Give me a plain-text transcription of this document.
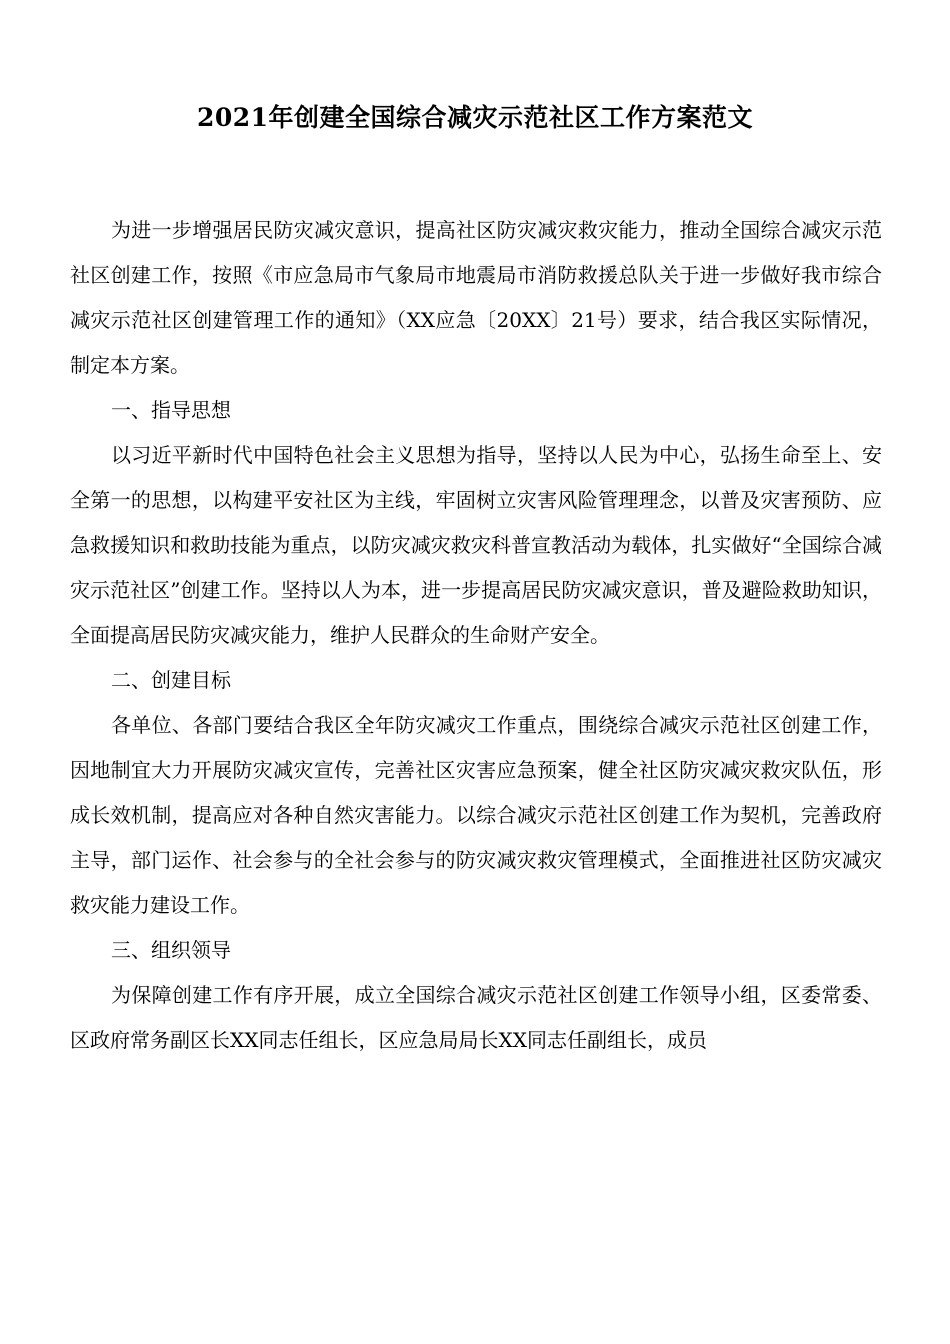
2021年创建全国综合减灾示范社区工作方案范文

为进一步增强居民防灾减灾意识，提高社区防灾减灾救灾能力，推动全国综合减灾示范社区创建工作，按照《市应急局市气象局市地震局市消防救援总队关于进一步做好我市综合减灾示范社区创建管理工作的通知》（XX应急〔20XX〕21号）要求，结合我区实际情况，制定本方案。

一、指导思想

以习近平新时代中国特色社会主义思想为指导，坚持以人民为中心，弘扬生命至上、安全第一的思想，以构建平安社区为主线，牢固树立灾害风险管理理念，以普及灾害预防、应急救援知识和救助技能为重点，以防灾减灾救灾科普宣教活动为载体，扎实做好“全国综合减灾示范社区”创建工作。坚持以人为本，进一步提高居民防灾减灾意识，普及避险救助知识，全面提高居民防灾减灾能力，维护人民群众的生命财产安全。

二、创建目标

各单位、各部门要结合我区全年防灾减灾工作重点，围绕综合减灾示范社区创建工作，因地制宜大力开展防灾减灾宣传，完善社区灾害应急预案，健全社区防灾减灾救灾队伍，形成长效机制，提高应对各种自然灾害能力。以综合减灾示范社区创建工作为契机，完善政府主导，部门运作、社会参与的全社会参与的防灾减灾救灾管理模式，全面推进社区防灾减灾救灾能力建设工作。

三、组织领导

为保障创建工作有序开展，成立全国综合减灾示范社区创建工作领导小组，区委常委、区政府常务副区长XX同志任组长，区应急局局长XX同志任副组长，成员
